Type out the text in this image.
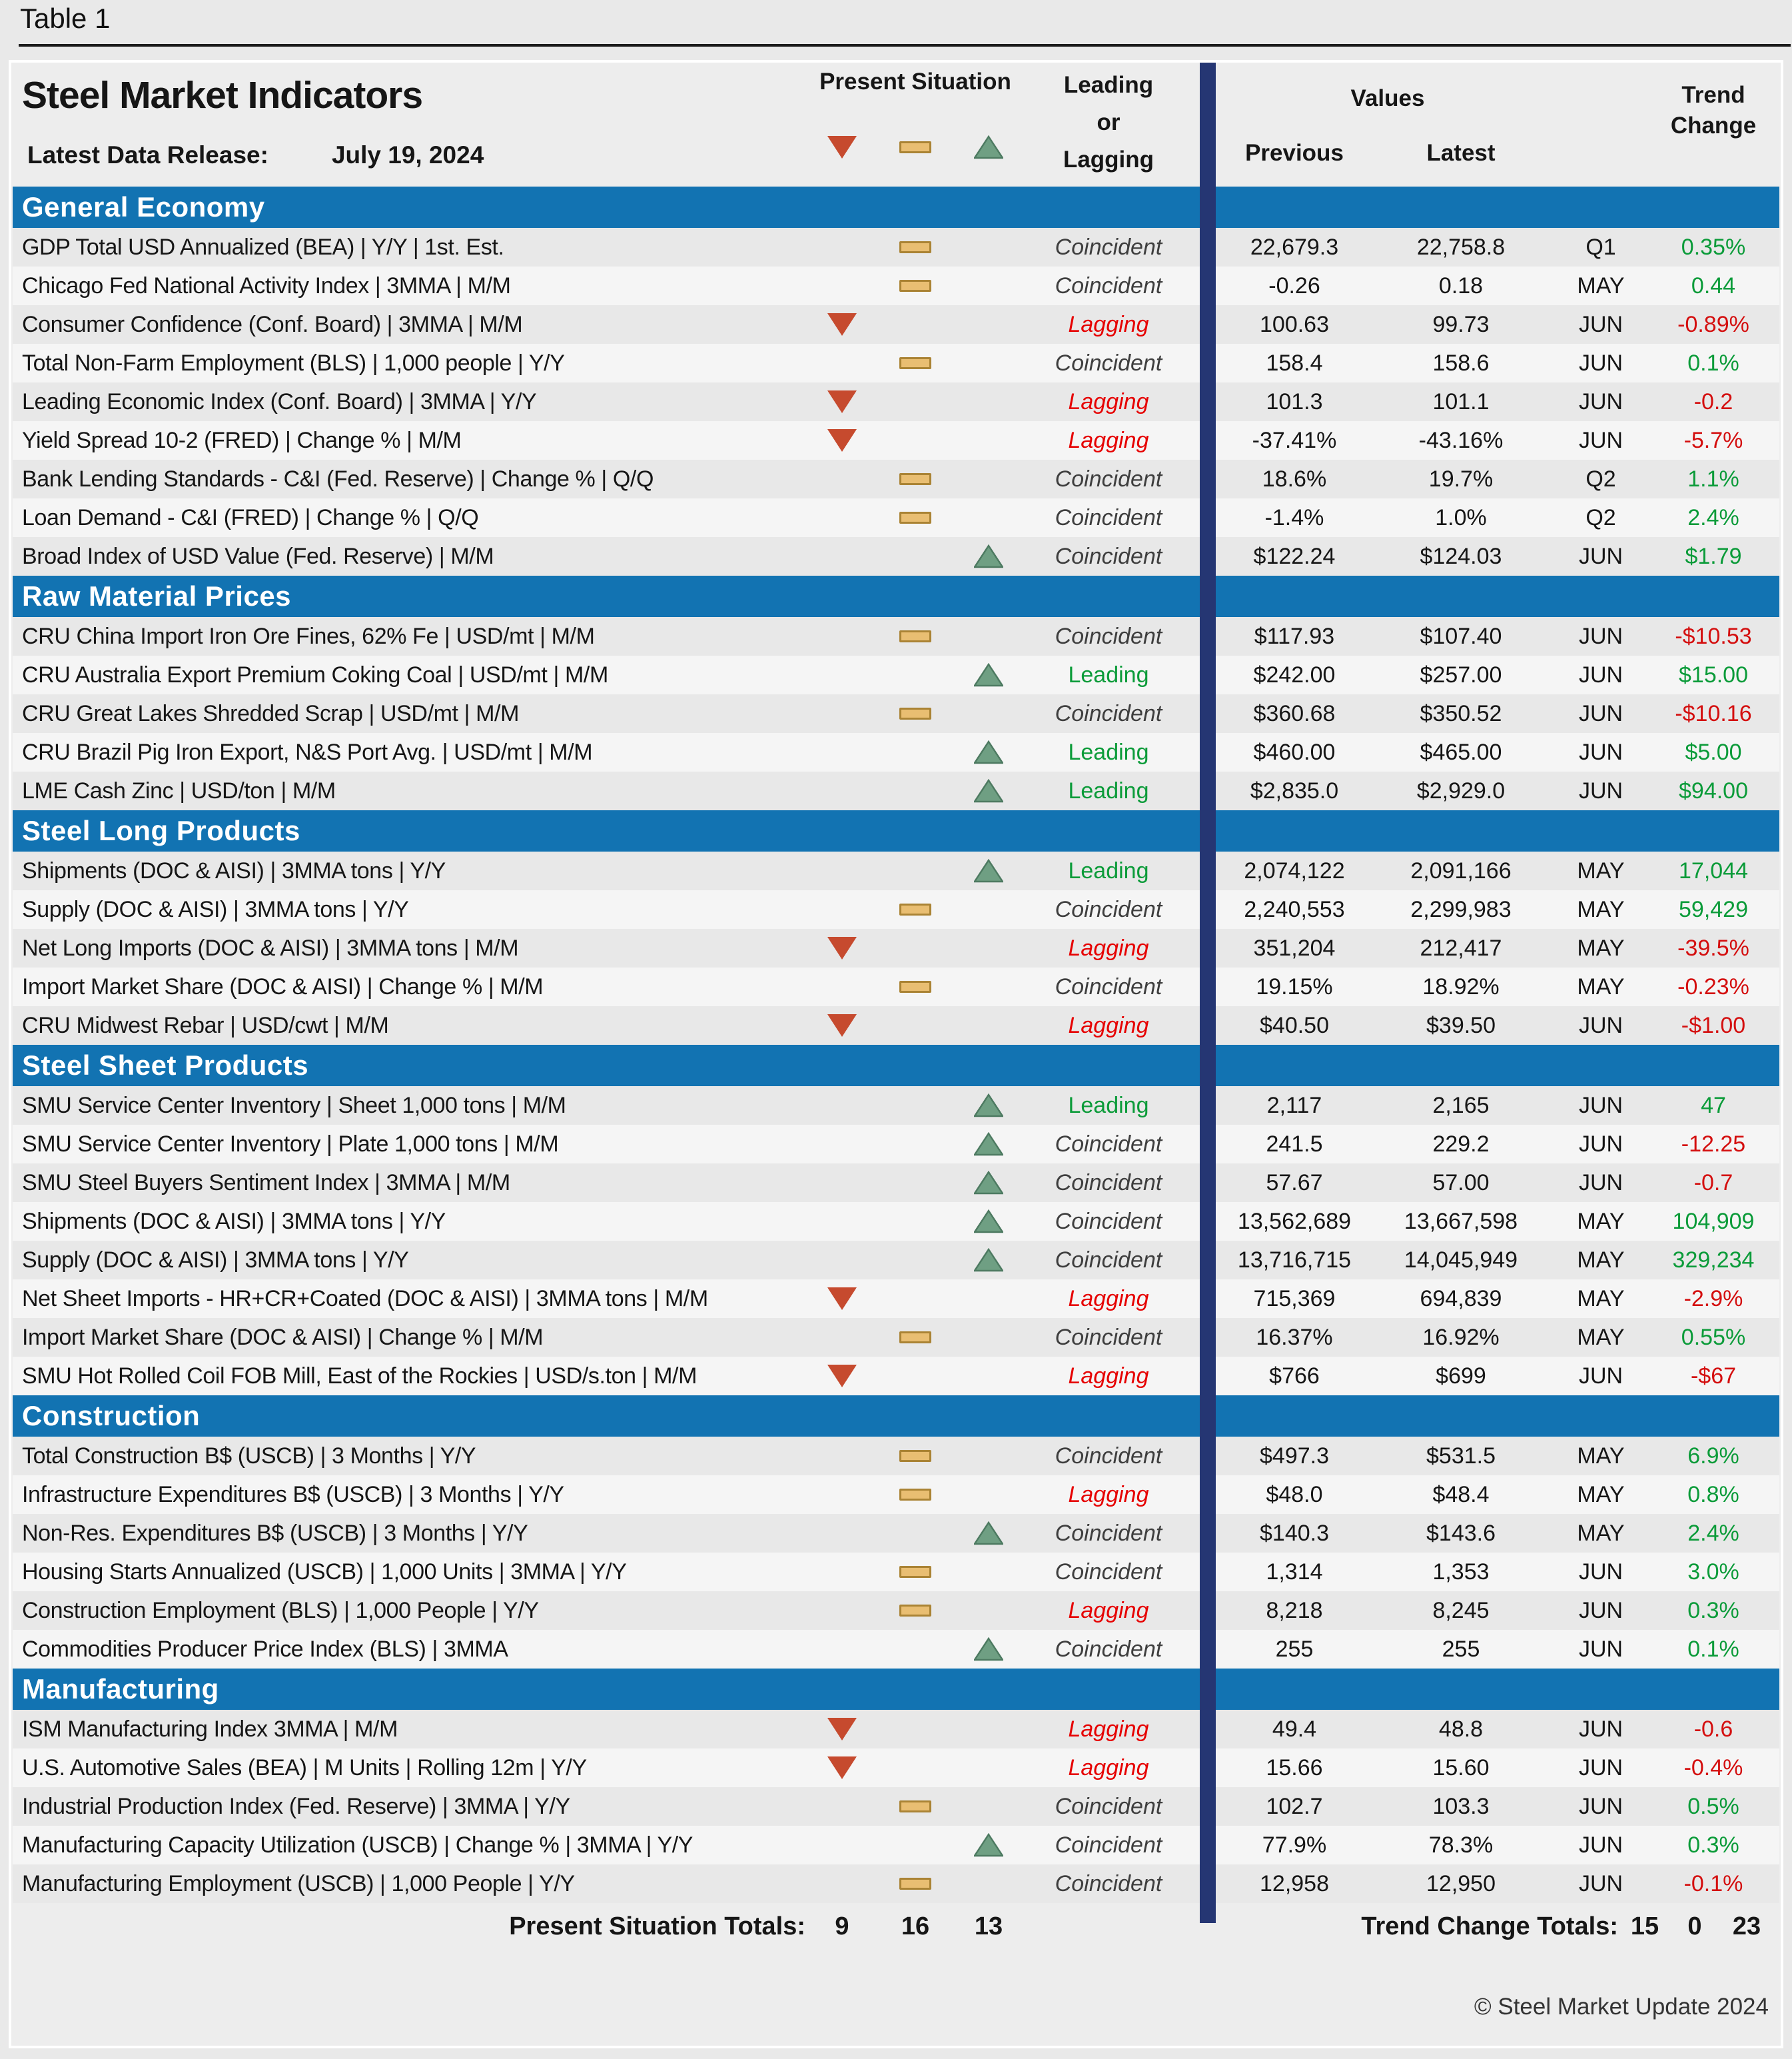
Table 1
Steel Market Indicators
Latest Data Release:	July 19, 2024
Present Situation	Leading or Lagging
Values
Previous	Latest
Trend Change
General Economy
GDP Total USD Annualized (BEA) | Y/Y | 1st. Est.	Coincident	22,679.3	22,758.8	Q1	0.35%
Chicago Fed National Activity Index | 3MMA | M/M	Coincident	-0.26	0.18	MAY	0.44
Consumer Confidence (Conf. Board) | 3MMA | M/M	Lagging	100.63	99.73	JUN	-0.89%
Total Non-Farm Employment (BLS) | 1,000 people | Y/Y	Coincident	158.4	158.6	JUN	0.1%
Leading Economic Index (Conf. Board) | 3MMA | Y/Y	Lagging	101.3	101.1	JUN	-0.2
Yield Spread 10-2 (FRED) | Change % | M/M	Lagging	-37.41%	-43.16%	JUN	-5.7%
Bank Lending Standards - C&I (Fed. Reserve) | Change % | Q/Q	Coincident	18.6%	19.7%	Q2	1.1%
Loan Demand - C&I (FRED) | Change % | Q/Q	Coincident	-1.4%	1.0%	Q2	2.4%
Broad Index of USD Value (Fed. Reserve) | M/M	Coincident	$122.24	$124.03	JUN	$1.79
Raw Material Prices
CRU China Import Iron Ore Fines, 62% Fe | USD/mt | M/M	Coincident	$117.93	$107.40	JUN	-$10.53
CRU Australia Export Premium Coking Coal | USD/mt | M/M	Leading	$242.00	$257.00	JUN	$15.00
CRU Great Lakes Shredded Scrap | USD/mt | M/M	Coincident	$360.68	$350.52	JUN	-$10.16
CRU Brazil Pig Iron Export, N&S Port Avg. | USD/mt | M/M	Leading	$460.00	$465.00	JUN	$5.00
LME Cash Zinc | USD/ton | M/M	Leading	$2,835.0	$2,929.0	JUN	$94.00
Steel Long Products
Shipments (DOC & AISI) | 3MMA tons | Y/Y	Leading	2,074,122	2,091,166	MAY	17,044
Supply (DOC & AISI) | 3MMA tons | Y/Y	Coincident	2,240,553	2,299,983	MAY	59,429
Net Long Imports (DOC & AISI) | 3MMA tons | M/M	Lagging	351,204	212,417	MAY	-39.5%
Import Market Share (DOC & AISI) | Change % | M/M	Coincident	19.15%	18.92%	MAY	-0.23%
CRU Midwest Rebar | USD/cwt | M/M	Lagging	$40.50	$39.50	JUN	-$1.00
Steel Sheet Products
SMU Service Center Inventory | Sheet 1,000 tons | M/M	Leading	2,117	2,165	JUN	47
SMU Service Center Inventory | Plate 1,000 tons | M/M	Coincident	241.5	229.2	JUN	-12.25
SMU Steel Buyers Sentiment Index | 3MMA | M/M	Coincident	57.67	57.00	JUN	-0.7
Shipments (DOC & AISI) | 3MMA tons | Y/Y	Coincident	13,562,689	13,667,598	MAY	104,909
Supply (DOC & AISI) | 3MMA tons | Y/Y	Coincident	13,716,715	14,045,949	MAY	329,234
Net Sheet Imports - HR+CR+Coated (DOC & AISI) | 3MMA tons | M/M	Lagging	715,369	694,839	MAY	-2.9%
Import Market Share (DOC & AISI) | Change % | M/M	Coincident	16.37%	16.92%	MAY	0.55%
SMU Hot Rolled Coil FOB Mill, East of the Rockies | USD/s.ton | M/M	Lagging	$766	$699	JUN	-$67
Construction
Total Construction B$ (USCB) | 3 Months | Y/Y	Coincident	$497.3	$531.5	MAY	6.9%
Infrastructure Expenditures B$ (USCB) | 3 Months | Y/Y	Lagging	$48.0	$48.4	MAY	0.8%
Non-Res. Expenditures B$ (USCB) | 3 Months | Y/Y	Coincident	$140.3	$143.6	MAY	2.4%
Housing Starts Annualized (USCB) | 1,000 Units | 3MMA | Y/Y	Coincident	1,314	1,353	JUN	3.0%
Construction Employment (BLS) | 1,000 People | Y/Y	Lagging	8,218	8,245	JUN	0.3%
Commodities Producer Price Index (BLS) | 3MMA	Coincident	255	255	JUN	0.1%
Manufacturing
ISM Manufacturing Index 3MMA | M/M	Lagging	49.4	48.8	JUN	-0.6
U.S. Automotive Sales (BEA) | M Units | Rolling 12m | Y/Y	Lagging	15.66	15.60	JUN	-0.4%
Industrial Production Index (Fed. Reserve) | 3MMA | Y/Y	Coincident	102.7	103.3	JUN	0.5%
Manufacturing Capacity Utilization (USCB) | Change % | 3MMA | Y/Y	Coincident	77.9%	78.3%	JUN	0.3%
Manufacturing Employment (USCB) | 1,000 People | Y/Y	Coincident	12,958	12,950	JUN	-0.1%
Present Situation Totals:	9	16	13	Trend Change Totals: 15	0	23
© Steel Market Update 2024
